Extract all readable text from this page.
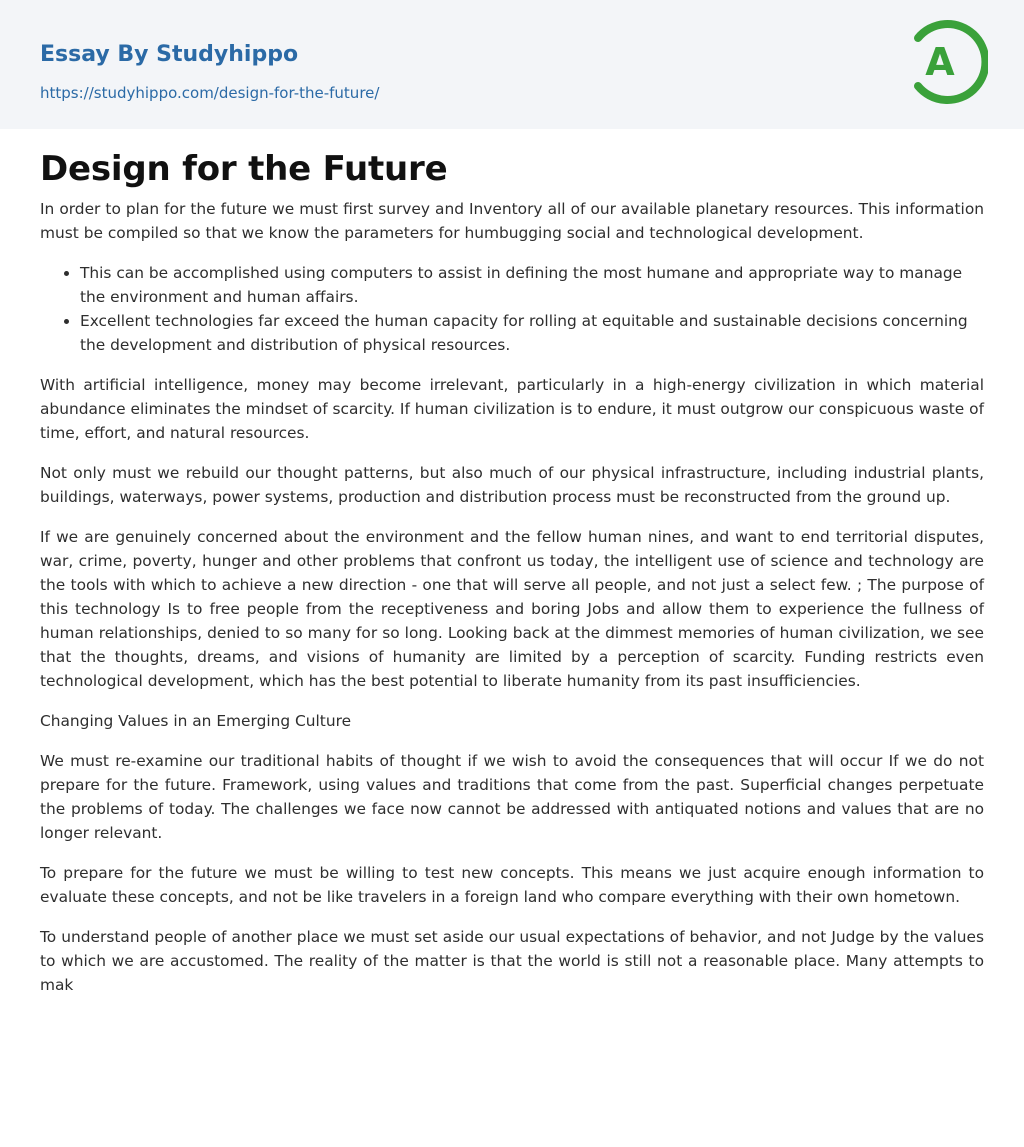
Essay By Studyhippo
https://studyhippo.com/design-for-the-future/
A
Design for the Future

In order to plan for the future we must first survey and Inventory all of our available planetary resources. This information must be compiled so that we know the parameters for humbugging social and technological development.

• This can be accomplished using computers to assist in defining the most humane and appropriate way to manage the environment and human affairs.
• Excellent technologies far exceed the human capacity for rolling at equitable and sustainable decisions concerning the development and distribution of physical resources.

With artificial intelligence, money may become irrelevant, particularly in a high-energy civilization in which material abundance eliminates the mindset of scarcity. If human civilization is to endure, it must outgrow our conspicuous waste of time, effort, and natural resources.

Not only must we rebuild our thought patterns, but also much of our physical infrastructure, including industrial plants, buildings, waterways, power systems, production and distribution process must be reconstructed from the ground up.

If we are genuinely concerned about the environment and the fellow human nines, and want to end territorial disputes, war, crime, poverty, hunger and other problems that confront us today, the intelligent use of science and technology are the tools with which to achieve a new direction - one that will serve all people, and not just a select few. ; The purpose of this technology Is to free people from the receptiveness and boring Jobs and allow them to experience the fullness of human relationships, denied to so many for so long. Looking back at the dimmest memories of human civilization, we see that the thoughts, dreams, and visions of humanity are limited by a perception of scarcity. Funding restricts even technological development, which has the best potential to liberate humanity from its past insufficiencies.

Changing Values in an Emerging Culture

We must re-examine our traditional habits of thought if we wish to avoid the consequences that will occur If we do not prepare for the future. Framework, using values and traditions that come from the past. Superficial changes perpetuate the problems of today. The challenges we face now cannot be addressed with antiquated notions and values that are no longer relevant.

To prepare for the future we must be willing to test new concepts. This means we just acquire enough information to evaluate these concepts, and not be like travelers in a foreign land who compare everything with their own hometown.

To understand people of another place we must set aside our usual expectations of behavior, and not Judge by the values to which we are accustomed. The reality of the matter is that the world is still not a reasonable place. Many attempts to mak
